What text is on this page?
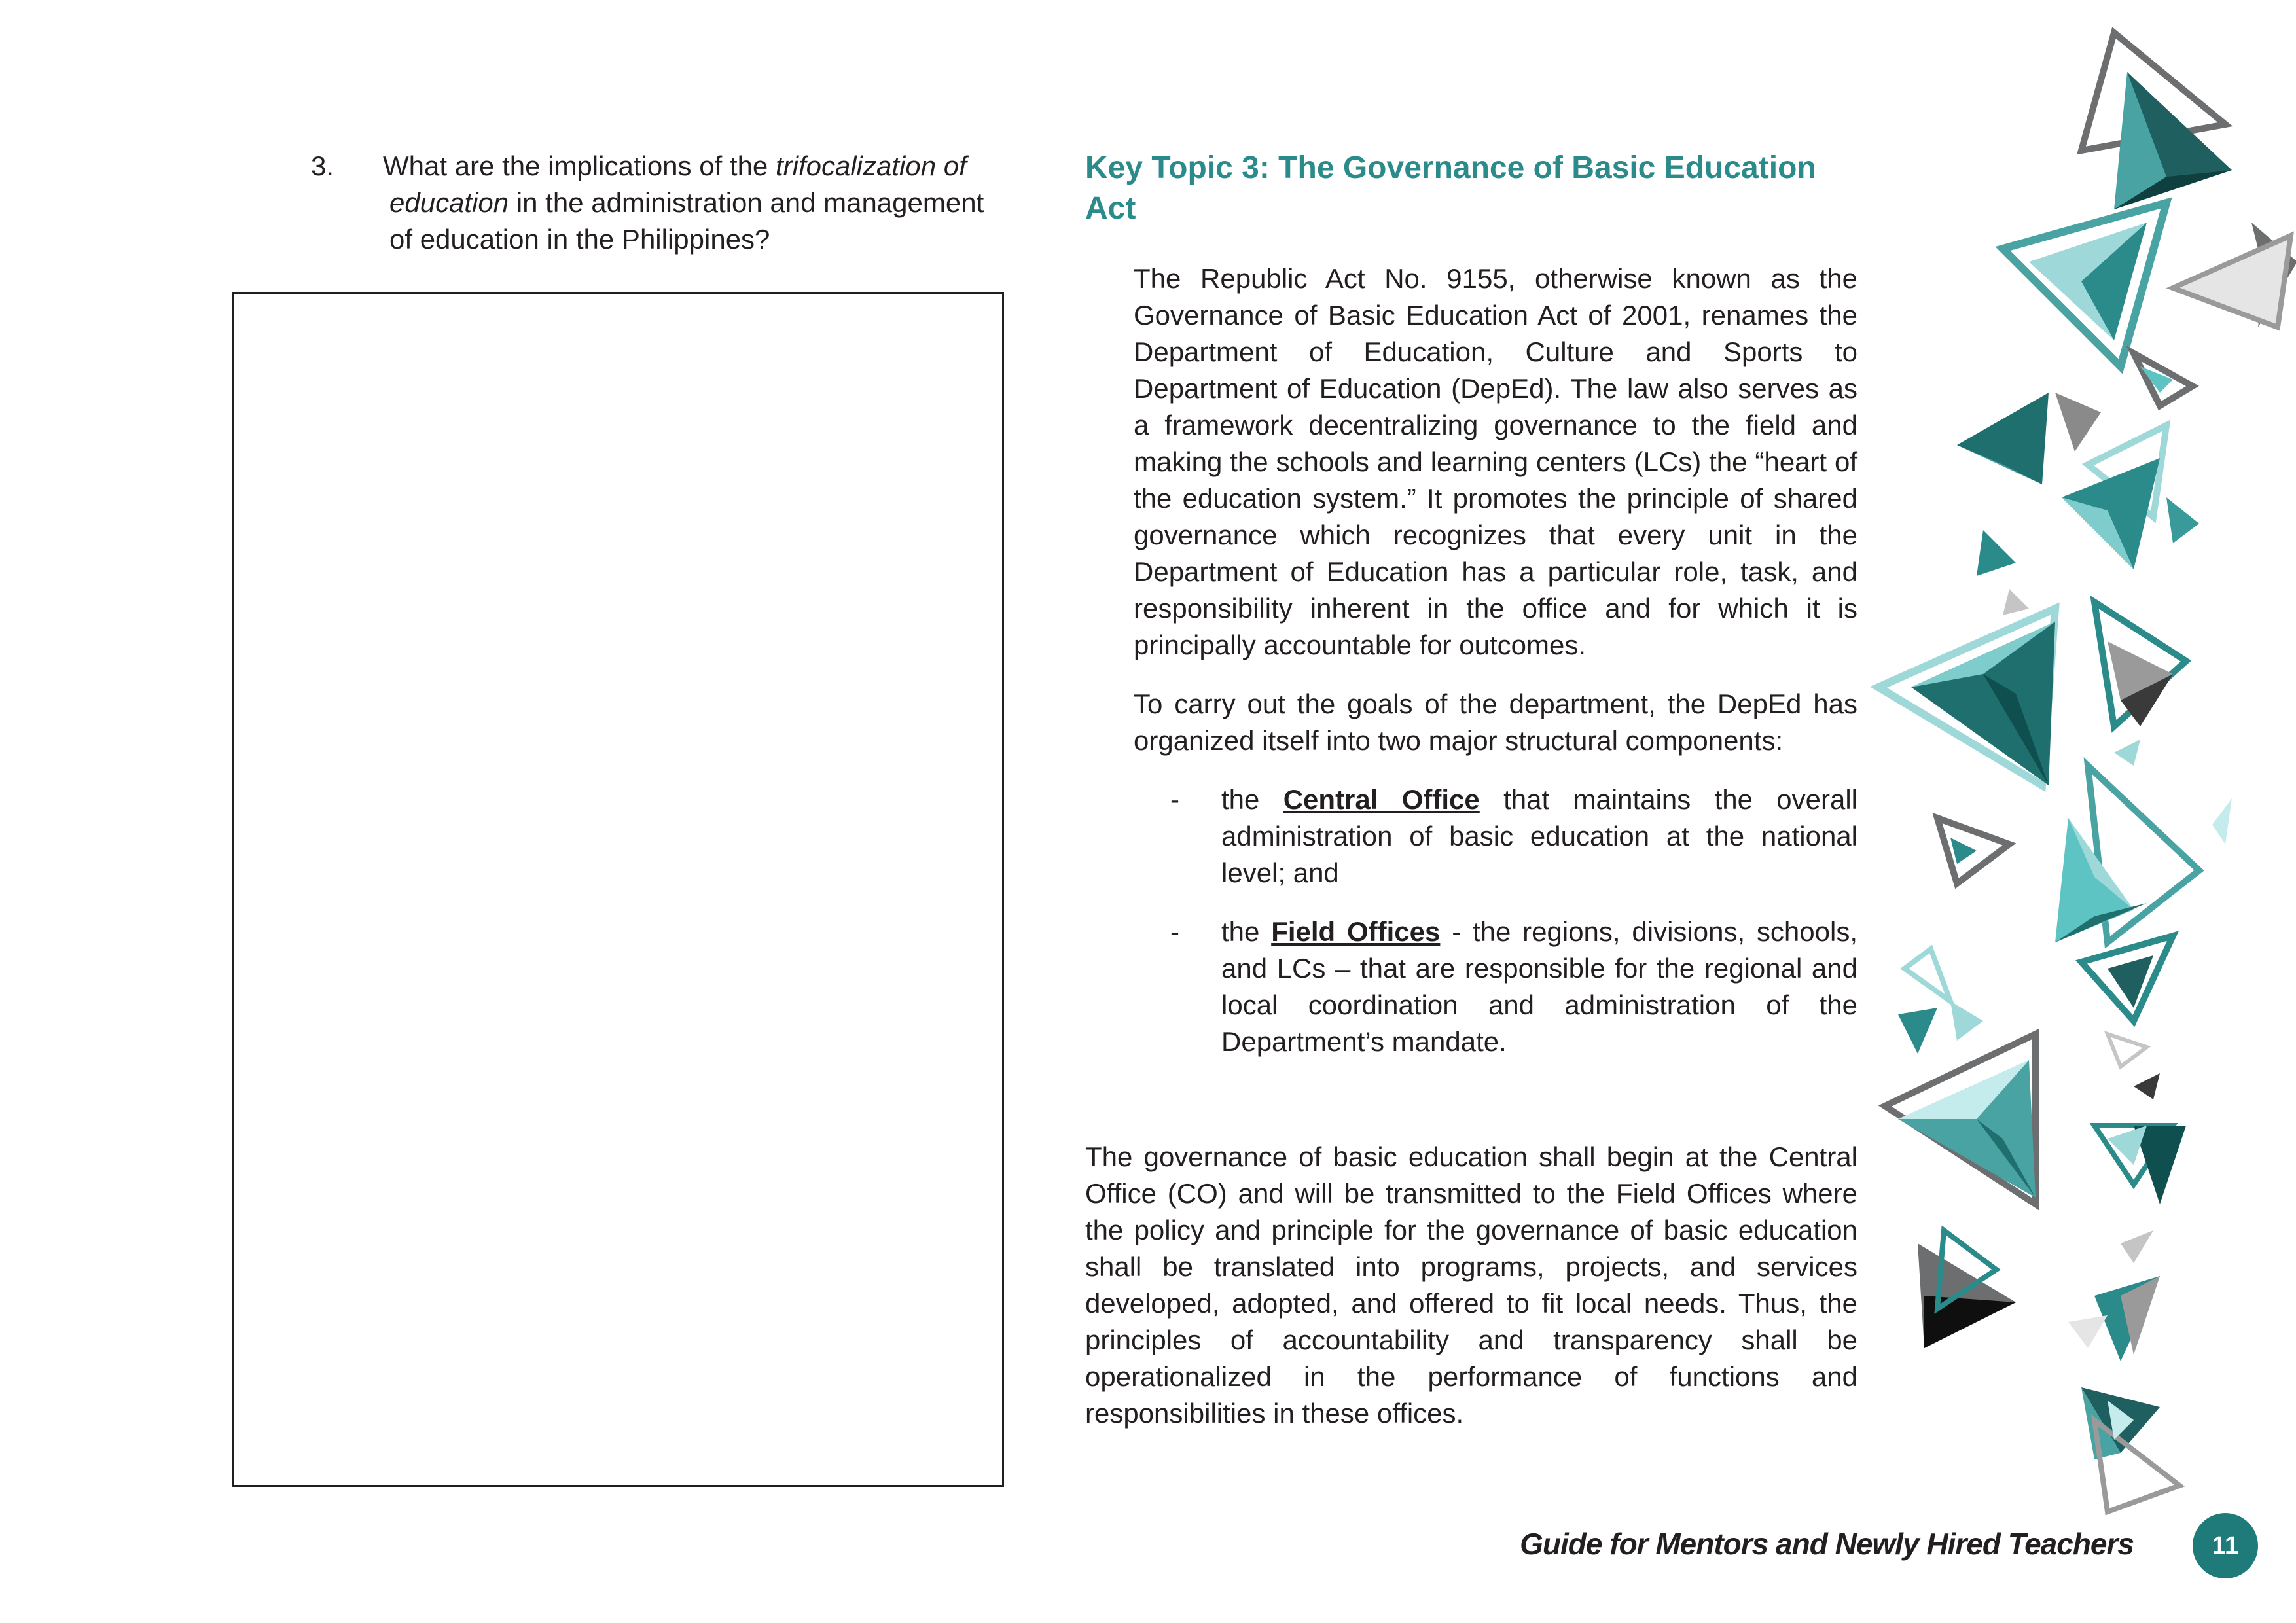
3. What are the implications of the trifocalization of education in the administration and management of education in the Philippines?
Key Topic 3: The Governance of Basic Education Act

The Republic Act No. 9155, otherwise known as the Governance of Basic Education Act of 2001, renames the Department of Education, Culture and Sports to Department of Education (DepEd). The law also serves as a framework decentralizing governance to the field and making the schools and learning centers (LCs) the “heart of the education system.” It promotes the principle of shared governance which recognizes that every unit in the Department of Education has a particular role, task, and responsibility inherent in the office and for which it is principally accountable for outcomes.

To carry out the goals of the department, the DepEd has organized itself into two major structural components:

- the Central Office that maintains the overall administration of basic education at the national level; and
- the Field Offices - the regions, divisions, schools, and LCs – that are responsible for the regional and local coordination and administration of the Department’s mandate.

The governance of basic education shall begin at the Central Office (CO) and will be transmitted to the Field Offices where the policy and principle for the governance of basic education shall be translated into programs, projects, and services developed, adopted, and offered to fit local needs. Thus, the principles of accountability and transparency shall be operationalized in the performance of functions and responsibilities in these offices.

Guide for Mentors and Newly Hired Teachers	11
